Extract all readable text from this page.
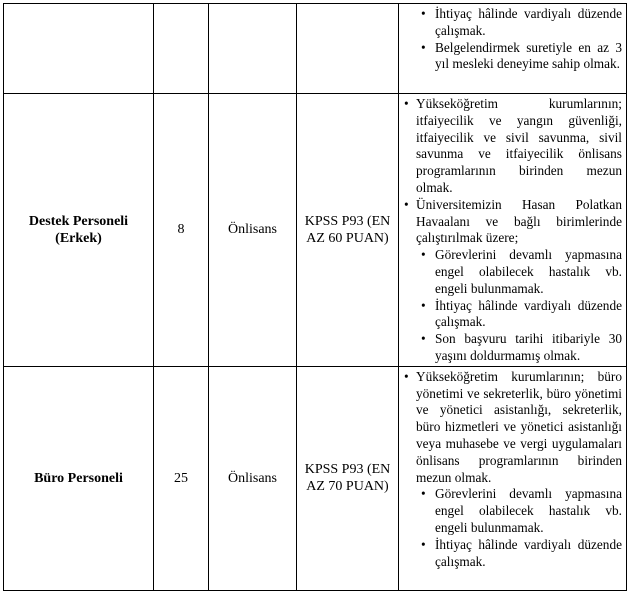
				• İhtiyaç hâlinde vardiyalı düzende çalışmak.
• Belgelendirmek suretiyle en az 3 yıl mesleki deneyime sahip olmak.

Destek Personeli (Erkek)	8	Önlisans	KPSS P93 (EN AZ 60 PUAN)	• Yükseköğretim kurumlarının; itfaiyecilik ve yangın güvenliği, itfaiyecilik ve sivil savunma, sivil savunma ve itfaiyecilik önlisans programlarının birinden mezun olmak.
• Üniversitemizin Hasan Polatkan Havaalanı ve bağlı birimlerinde çalıştırılmak üzere;
• Görevlerini devamlı yapmasına engel olabilecek hastalık vb. engeli bulunmamak.
• İhtiyaç hâlinde vardiyalı düzende çalışmak.
• Son başvuru tarihi itibariyle 30 yaşını doldurmamış olmak.

Büro Personeli	25	Önlisans	KPSS P93 (EN AZ 70 PUAN)	• Yükseköğretim kurumlarının; büro yönetimi ve sekreterlik, büro yönetimi ve yönetici asistanlığı, sekreterlik, büro hizmetleri ve yönetici asistanlığı veya muhasebe ve vergi uygulamaları önlisans programlarının birinden mezun olmak.
• Görevlerini devamlı yapmasına engel olabilecek hastalık vb. engeli bulunmamak.
• İhtiyaç hâlinde vardiyalı düzende çalışmak.
